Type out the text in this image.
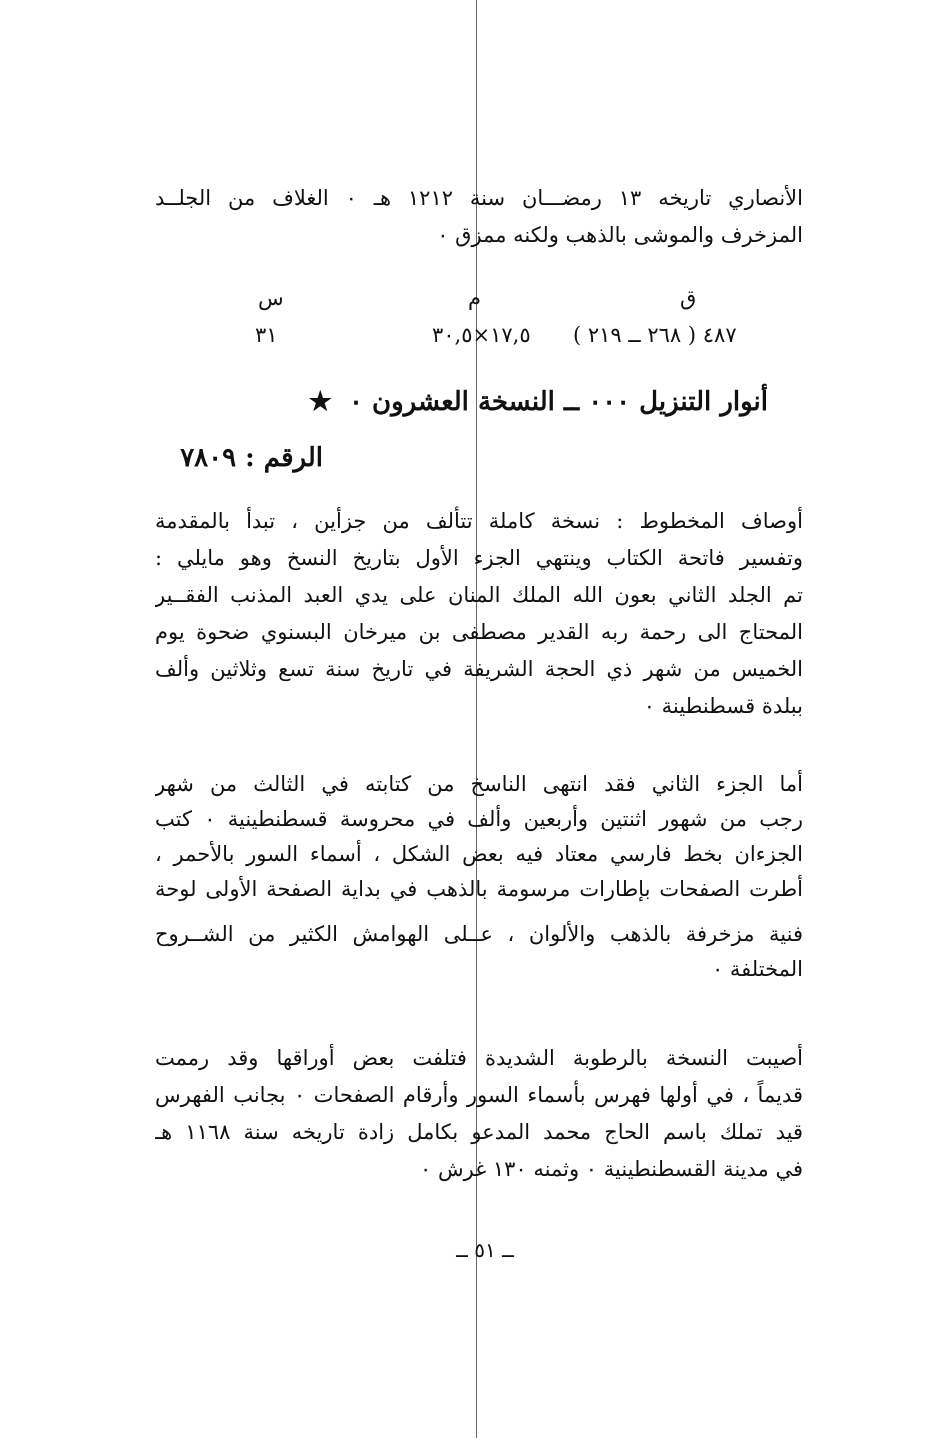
الأنصاري تاريخه ١٣ رمضـــان سنة ١٢١٢ هـ ٠ الغلاف من الجلــد
المزخرف والموشى بالذهب ولكنه ممزق ٠
ق
م
س
٤٨٧ ( ٢٦٨ ــ ٢١٩ )
١٧,٥×٣٠,٥
٣١
أنوار التنزيل ٠٠٠ ــ النسخة العشرون ٠ ★
الرقم : ٧٨٠٩
أوصاف المخطوط : نسخة كاملة تتألف من جزأين ، تبدأ بالمقدمة
وتفسير فاتحة الكتاب وينتهي الجزء الأول بتاريخ النسخ وهو مايلي :
تم الجلد الثاني بعون الله الملك المنان على يدي العبد المذنب الفقــير
المحتاج الى رحمة ربه القدير مصطفى بن ميرخان البسنوي ضحوة يوم
الخميس من شهر ذي الحجة الشريفة في تاريخ سنة تسع وثلاثين وألف
ببلدة قسطنطينة ٠
أما الجزء الثاني فقد انتهى الناسخ من كتابته في الثالث من شهر
رجب من شهور اثنتين وأربعين وألف في محروسة قسطنطينية ٠ كتب
الجزءان بخط فارسي معتاد فيه بعض الشكل ، أسماء السور بالأحمر ،
أطرت الصفحات بإطارات مرسومة بالذهب في بداية الصفحة الأولى لوحة
فنية مزخرفة بالذهب والألوان ، عــلى الهوامش الكثير من الشــروح
المختلفة ٠
أصيبت النسخة بالرطوبة الشديدة فتلفت بعض أوراقها وقد رممت
قديماً ، في أولها فهرس بأسماء السور وأرقام الصفحات ٠ بجانب الفهرس
قيد تملك باسم الحاج محمد المدعو بكامل زادة تاريخه سنة ١١٦٨ هـ
في مدينة القسطنطينية ٠ وثمنه ١٣٠ غرش ٠
ــ ٥١ ــ
